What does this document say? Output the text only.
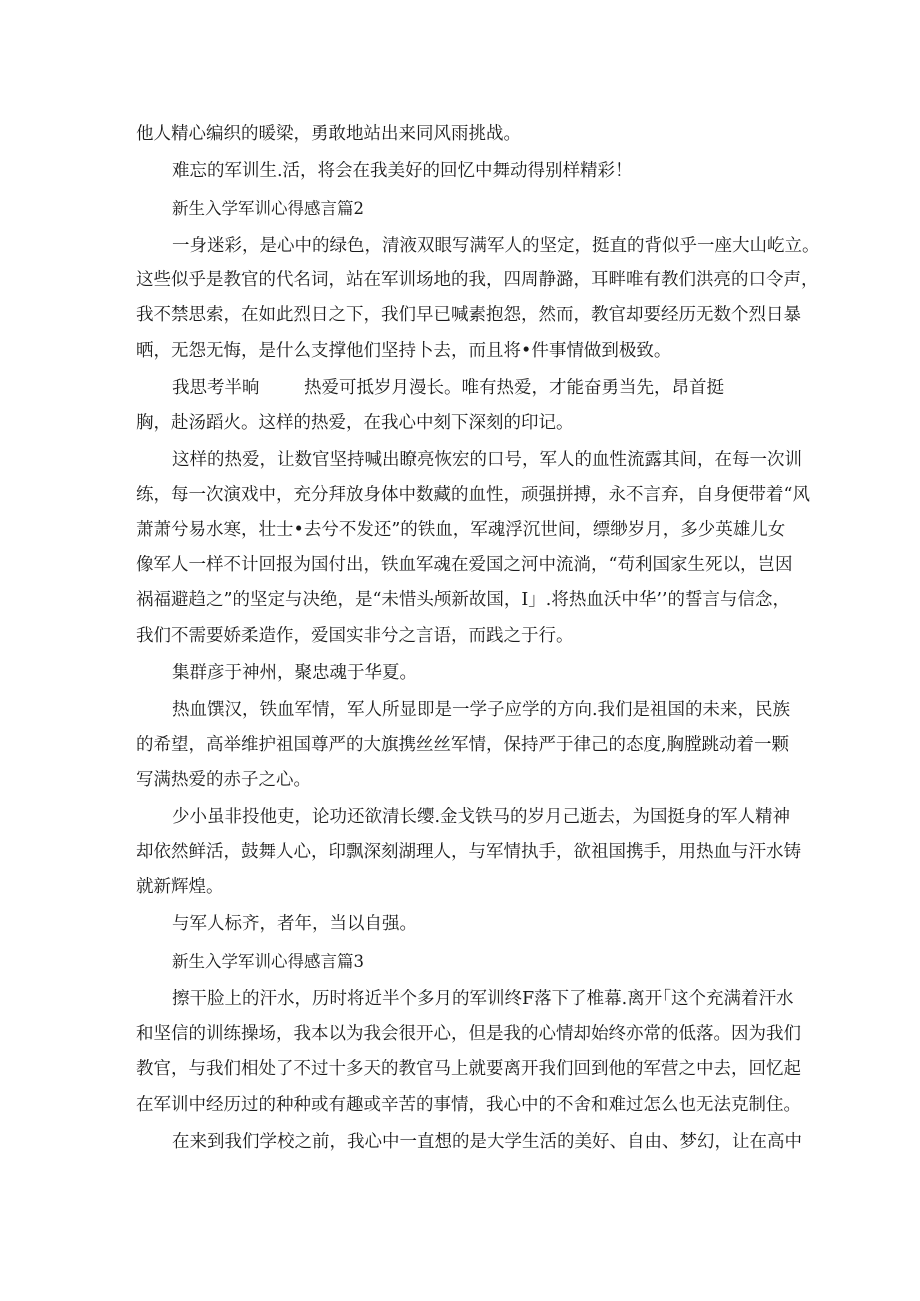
他人精心编织的暖梁，勇敢地站出来同风雨挑战。
难忘的军训生.活，将会在我美好的回忆中舞动得别样精彩！
新生入学军训心得感言篇2
一身迷彩，是心中的绿色，清液双眼写满军人的坚定，挺直的背似乎一座大山屹立。
这些似乎是教官的代名词，站在军训场地的我，四周静潞，耳畔唯有教们洪亮的口令声，
我不禁思索，在如此烈日之下，我们早已喊素抱怨，然而，教官却要经历无数个烈日暴
晒，无怨无悔，是什么支撑他们坚持卜去，而且将•件事情做到极致。
我思考半晌        热爱可抵岁月漫长。唯有热爱，才能奋勇当先，昂首挺
胸，赴汤蹈火。这样的热爱，在我心中刻下深刻的印记。
这样的热爱，让数官坚持喊出瞭亮恢宏的口号，军人的血性流露其间，在每一次训
练，每一次演戏中，充分拜放身体中数藏的血性，顽强拼搏，永不言弃，自身便带着“风
萧萧兮易水寒，壮士•去兮不发还”的铁血，军魂浮沉世间，缥缈岁月，多少英雄儿女
像军人一样不计回报为国付出，铁血军魂在爱国之河中流淌，“苟利国家生死以，岂因
祸福避趋之”的坚定与决绝，是“未惜头颅新故国，I」.将热血沃中华’’的誓言与信念，
我们不需要娇柔造作，爱国实非兮之言语，而践之于行。
集群彦于神州，聚忠魂于华夏。
热血馔汉，铁血军情，军人所显即是一学子应学的方向.我们是祖国的未来，民族
的希望，高举维护祖国尊严的大旗携丝丝军情，保持严于律己的态度,胸膛跳动着一颗
写满热爱的赤子之心。
少小虽非投他吏，论功还欲清长缨.金戈铁马的岁月己逝去，为国挺身的军人精神
却依然鲜活，鼓舞人心，印飘深刻湖理人，与军情执手，欲祖国携手，用热血与汗水铸
就新辉煌。
与军人标齐，者年，当以自强。
新生入学军训心得感言篇3
擦干脸上的汗水，历时将近半个多月的军训终F落下了椎幕.离开｢这个充满着汗水
和坚信的训练操场，我本以为我会很开心，但是我的心情却始终亦常的低落。因为我们
教官，与我们相处了不过十多天的教官马上就要离开我们回到他的军营之中去，回忆起
在军训中经历过的种种或有趣或辛苦的事情，我心中的不舍和难过怎么也无法克制住。
在来到我们学校之前，我心中一直想的是大学生活的美好、自由、梦幻，让在高中
